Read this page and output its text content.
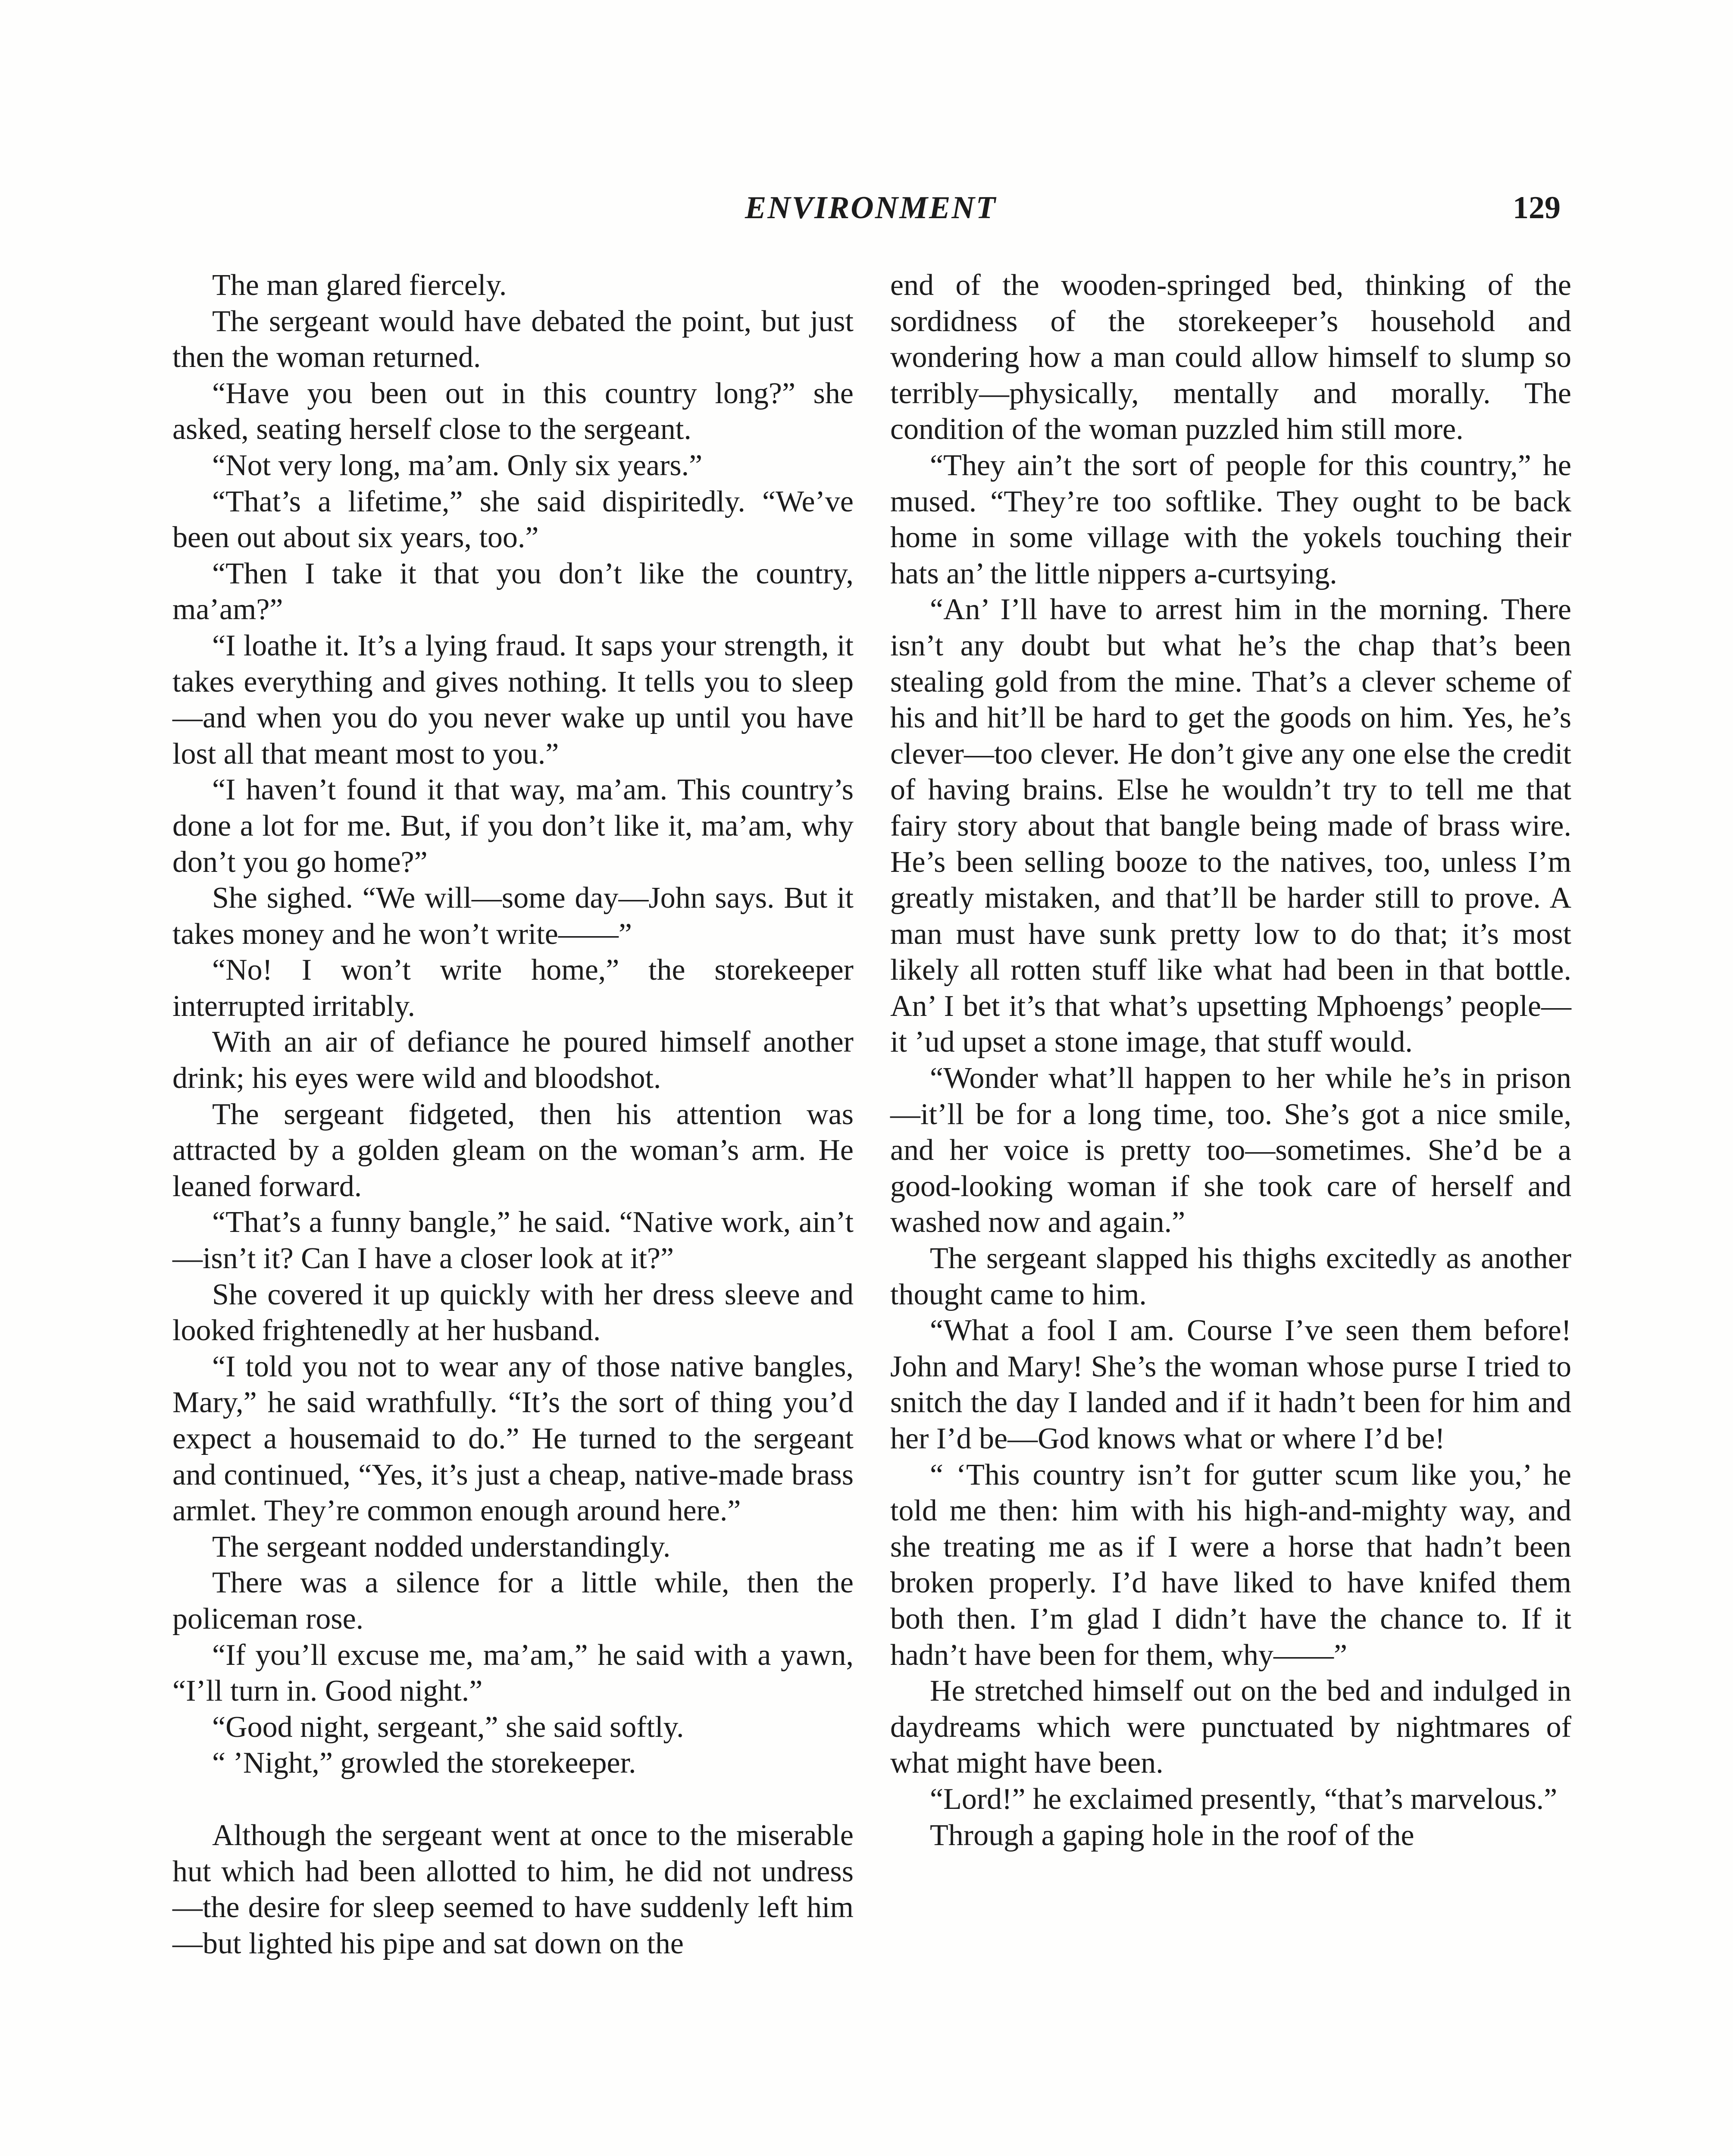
ENVIRONMENT	129

The man glared fiercely.

The sergeant would have debated the point, but just then the woman returned.

“Have you been out in this country long?” she asked, seating herself close to the sergeant.

“Not very long, ma’am. Only six years.”

“That’s a lifetime,” she said dispiritedly. “We’ve been out about six years, too.”

“Then I take it that you don’t like the country, ma’am?”

“I loathe it. It’s a lying fraud. It saps your strength, it takes everything and gives nothing. It tells you to sleep—and when you do you never wake up until you have lost all that meant most to you.”

“I haven’t found it that way, ma’am. This country’s done a lot for me. But, if you don’t like it, ma’am, why don’t you go home?”

She sighed. “We will—some day—John says. But it takes money and he won’t write——”

“No! I won’t write home,” the storekeeper interrupted irritably.

With an air of defiance he poured himself another drink; his eyes were wild and bloodshot.

The sergeant fidgeted, then his attention was attracted by a golden gleam on the woman’s arm. He leaned forward.

“That’s a funny bangle,” he said. “Native work, ain’t—isn’t it? Can I have a closer look at it?”

She covered it up quickly with her dress sleeve and looked frightenedly at her husband.

“I told you not to wear any of those native bangles, Mary,” he said wrathfully. “It’s the sort of thing you’d expect a housemaid to do.” He turned to the sergeant and continued, “Yes, it’s just a cheap, native-made brass armlet. They’re common enough around here.”

The sergeant nodded understandingly.

There was a silence for a little while, then the policeman rose.

“If you’ll excuse me, ma’am,” he said with a yawn, “I’ll turn in. Good night.”

“Good night, sergeant,” she said softly.

“ ’Night,” growled the storekeeper.

Although the sergeant went at once to the miserable hut which had been allotted to him, he did not undress—the desire for sleep seemed to have suddenly left him—but lighted his pipe and sat down on the

end of the wooden-springed bed, thinking of the sordidness of the storekeeper’s household and wondering how a man could allow himself to slump so terribly—physically, mentally and morally. The condition of the woman puzzled him still more.

“They ain’t the sort of people for this country,” he mused. “They’re too softlike. They ought to be back home in some village with the yokels touching their hats an’ the little nippers a-curtsying.

“An’ I’ll have to arrest him in the morning. There isn’t any doubt but what he’s the chap that’s been stealing gold from the mine. That’s a clever scheme of his and hit’ll be hard to get the goods on him. Yes, he’s clever—too clever. He don’t give any one else the credit of having brains. Else he wouldn’t try to tell me that fairy story about that bangle being made of brass wire. He’s been selling booze to the natives, too, unless I’m greatly mistaken, and that’ll be harder still to prove. A man must have sunk pretty low to do that; it’s most likely all rotten stuff like what had been in that bottle. An’ I bet it’s that what’s upsetting Mphoengs’ people—it ’ud upset a stone image, that stuff would.

“Wonder what’ll happen to her while he’s in prison—it’ll be for a long time, too. She’s got a nice smile, and her voice is pretty too—sometimes. She’d be a good-looking woman if she took care of herself and washed now and again.”

The sergeant slapped his thighs excitedly as another thought came to him.

“What a fool I am. Course I’ve seen them before! John and Mary! She’s the woman whose purse I tried to snitch the day I landed and if it hadn’t been for him and her I’d be—God knows what or where I’d be!

“ ‘This country isn’t for gutter scum like you,’ he told me then: him with his high-and-mighty way, and she treating me as if I were a horse that hadn’t been broken properly. I’d have liked to have knifed them both then. I’m glad I didn’t have the chance to. If it hadn’t have been for them, why——”

He stretched himself out on the bed and indulged in daydreams which were punctuated by nightmares of what might have been.

“Lord!” he exclaimed presently, “that’s marvelous.”

Through a gaping hole in the roof of the
